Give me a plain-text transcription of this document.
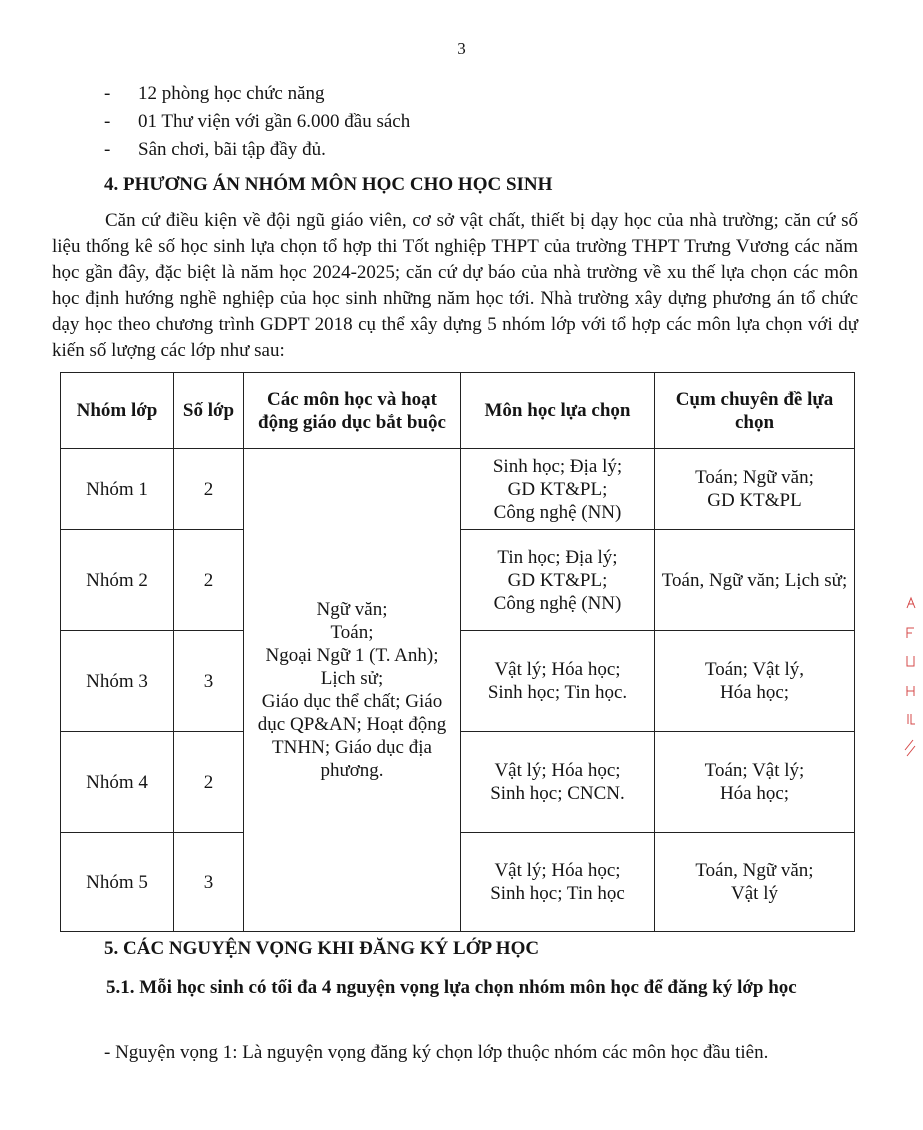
3
- 12 phòng học chức năng
- 01 Thư viện với gần 6.000 đầu sách
- Sân chơi, bãi tập đầy đủ.
4. PHƯƠNG ÁN NHÓM MÔN HỌC CHO HỌC SINH

Căn cứ điều kiện về đội ngũ giáo viên, cơ sở vật chất, thiết bị dạy học của nhà trường; căn cứ số liệu thống kê số học sinh lựa chọn tổ hợp thi Tốt nghiệp THPT của trường THPT Trưng Vương các năm học gần đây, đặc biệt là năm học 2024-2025; căn cứ dự báo của nhà trường về xu thế lựa chọn các môn học định hướng nghề nghiệp của học sinh những năm học tới. Nhà trường xây dựng phương án tổ chức dạy học theo chương trình GDPT 2018 cụ thể xây dựng 5 nhóm lớp với tổ hợp các môn lựa chọn với dự kiến số lượng các lớp như sau:

Nhóm lớp	Số lớp	Các môn học và hoạt động giáo dục bắt buộc	Môn học lựa chọn	Cụm chuyên đề lựa chọn
Nhóm 1	2	Ngữ văn;
Toán;
Ngoại Ngữ 1 (T. Anh);
Lịch sử;
Giáo dục thể chất; Giáo dục QP&AN; Hoạt động TNHN; Giáo dục địa phương.	Sinh học; Địa lý;
GD KT&PL;
Công nghệ (NN)	Toán; Ngữ văn;
GD KT&PL
Nhóm 2	2		Tin học; Địa lý;
GD KT&PL;
Công nghệ (NN)	Toán, Ngữ văn; Lịch sử;
Nhóm 3	3		Vật lý; Hóa học;
Sinh học; Tin học.	Toán; Vật lý,
Hóa học;
Nhóm 4	2		Vật lý; Hóa học;
Sinh học; CNCN.	Toán; Vật lý;
Hóa học;
Nhóm 5	3		Vật lý; Hóa học;
Sinh học; Tin học	Toán, Ngữ văn;
Vật lý
5. CÁC NGUYỆN VỌNG KHI ĐĂNG KÝ LỚP HỌC
5.1. Mỗi học sinh có tối đa 4 nguyện vọng lựa chọn nhóm môn học để đăng ký lớp học

- Nguyện vọng 1: Là nguyện vọng đăng ký chọn lớp thuộc nhóm các môn học đầu tiên.
